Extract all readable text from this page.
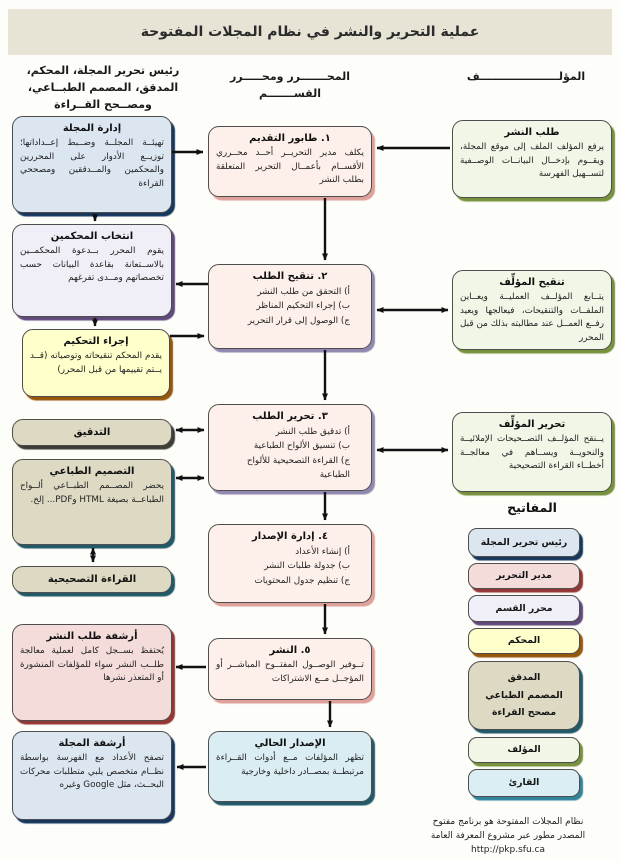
عملية التحرير والنشر في نظام المجلات المفتوحة
رئيس تحرير المجلة، المحكم، المدقق، المصمم الطبــاعي، ومصــحح القــراءة
المحـــــــرر ومحـــــرر القســـــــم
المؤلـــــــــــــــــــــف
إدارة المجلة
تهيئــة المجلــة وضــبط إعــداداتها؛ توزيــع الأدوار على المحررين والمحكمين والمــدققين ومصححي القراءة
انتخاب المحكمين
يقوم المحرر بــدعوة المحكمــين بالاســتعانة بقاعدة البيانات حسب تخصصاتهم ومــدى تفرغهم
إجراء التحكيم
يقدم المحكم تنقيحاته وتوصياته (قــد يــتم تقييمها من قبل المحرر)
التدقيق
التصميم الطباعي
يحضر المصــمم الطبــاعي ألــواح الطباعــة بصيغة HTML وPDF... إلخ.
القراءة التصحيحية
أرشفة طلب النشر
يُحتفظ بســجل كامل لعملية معالجة طلــب النشر سواء للمؤلفات المنشورة أو المتعذر نشرها
أرشفة المجلة
تصفح الأعداد مع الفهرسة بواسطة نظــام متخصص يلبي متطلبات محركات البحــث، مثل Google وغيره
١. طابور التقديم
يكلف مدير التحريــر أحــد محــرري الأقســام بأعمــال التحرير المتعلقة بطلب النشر
٢. تنقيح الطلب
أ) التحقق من طلب النشر
ب) إجراء التحكيم المناظر
ج) الوصول إلى قرار التحرير
٣. تحرير الطلب
أ) تدقيق طلب النشر
ب) تنسيق الألواح الطباعية
ج) القراءة التصحيحية للألواح الطباعية
٤. إدارة الإصدار
أ) إنشاء الأعداد
ب) جدولة طلبات النشر
ج) تنظيم جدول المحتويات
٥. النشر
تــوفير الوصــول المفتــوح المباشــر أو المؤجــل مــع الاشتراكات
الإصدار الحالي
تظهر المؤلفات مــع أدوات القــراءة مرتبطــة بمصــادر داخلية وخارجية
طلب النشر
يرفع المؤلف الملف إلى موقع المجلة، ويقــوم بإدخــال البيانــات الوصــفية لتســهيل الفهرسة
تنقيح المؤلِّف
يتــابع المؤلــف العمليــة ويعــاين الملفــات والتنقيحات، فيعالجها ويعيد رفــع العمــل عند مطالبته بذلك من قبل المحرر
تحرير المؤلِّف
يــنقح المؤلــف التصــحيحات الإملائيــة والنحويــة ويســاهم في معالجــة أخطــاء القراءة التصحيحية
المفاتيح
رئيس تحرير المجلة
مدير التحرير
محرر القسم
المحكم
المدقق
المصمم الطباعي
مصحح القراءة
المؤلف
القارئ
نظام المجلات المفتوحة هو برنامج مفتوح
المصدر مطور عبر مشروع المعرفة العامة
http://pkp.sfu.ca
